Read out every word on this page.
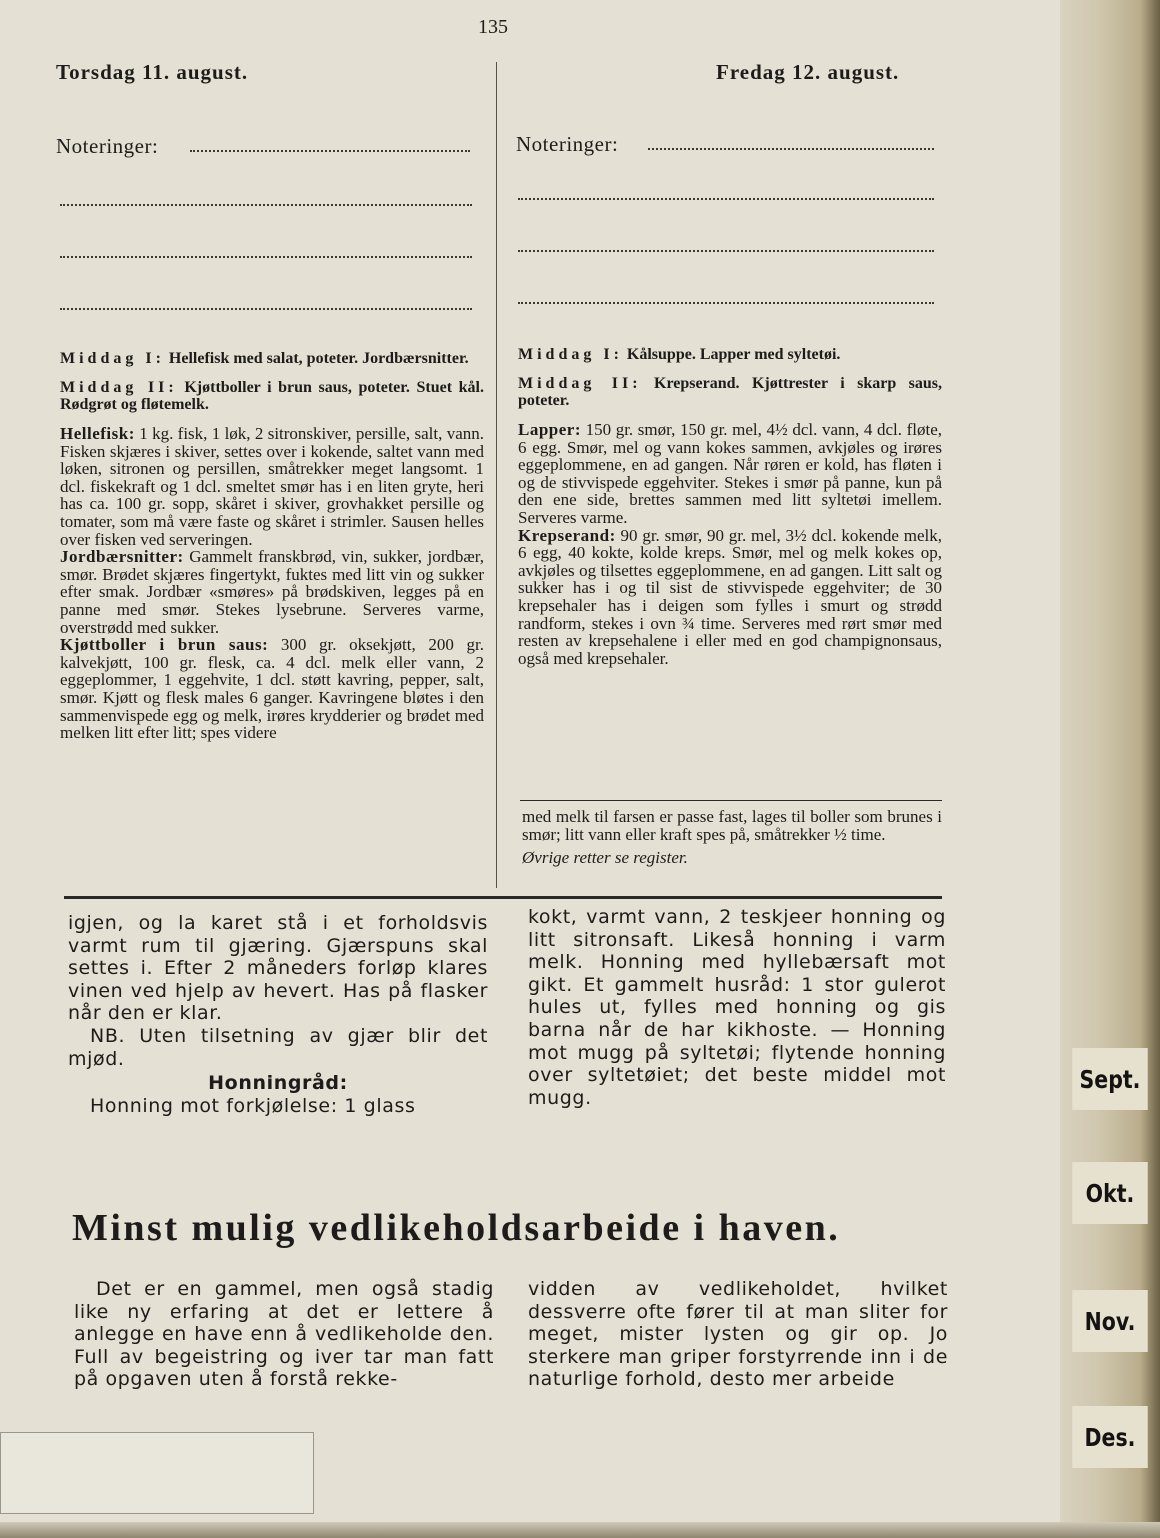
135
Torsdag 11. august.
Noteringer:
Fredag 12. august.
Noteringer:

Middag I: Hellefisk med salat, poteter. Jordbærsnitter.

Middag II: Kjøttboller i brun saus, poteter. Stuet kål. Rødgrøt og fløtemelk.

Hellefisk: 1 kg. fisk, 1 løk, 2 sitronskiver, persille, salt, vann. Fisken skjæres i skiver, settes over i kokende, saltet vann med løken, sitronen og persillen, småtrekker meget langsomt. 1 dcl. fiskekraft og 1 dcl. smeltet smør has i en liten gryte, heri has ca. 100 gr. sopp, skåret i skiver, grovhakket persille og tomater, som må være faste og skåret i strimler. Sausen helles over fisken ved serveringen.

Jordbærsnitter: Gammelt franskbrød, vin, sukker, jordbær, smør. Brødet skjæres fingertykt, fuktes med litt vin og sukker efter smak. Jordbær «smøres» på brødskiven, legges på en panne med smør. Stekes lysebrune. Serveres varme, overstrødd med sukker.

Kjøttboller i brun saus: 300 gr. oksekjøtt, 200 gr. kalvekjøtt, 100 gr. flesk, ca. 4 dcl. melk eller vann, 2 eggeplommer, 1 eggehvite, 1 dcl. støtt kavring, pepper, salt, smør. Kjøtt og flesk males 6 ganger. Kavringene bløtes i den sammenvispede egg og melk, irøres krydderier og brødet med melken litt efter litt; spes videre

Middag I: Kålsuppe. Lapper med syltetøi.

Middag II: Krepserand. Kjøttrester i skarp saus, poteter.

Lapper: 150 gr. smør, 150 gr. mel, 4½ dcl. vann, 4 dcl. fløte, 6 egg. Smør, mel og vann kokes sammen, avkjøles og irøres eggeplommene, en ad gangen. Når røren er kold, has fløten i og de stivvispede eggehviter. Stekes i smør på panne, kun på den ene side, brettes sammen med litt syltetøi imellem. Serveres varme.

Krepserand: 90 gr. smør, 90 gr. mel, 3½ dcl. kokende melk, 6 egg, 40 kokte, kolde kreps. Smør, mel og melk kokes op, avkjøles og tilsettes eggeplommene, en ad gangen. Litt salt og sukker has i og til sist de stivvispede eggehviter; de 30 krepsehaler has i deigen som fylles i smurt og strødd randform, stekes i ovn ¾ time. Serveres med rørt smør med resten av krepsehalene i eller med en god champignonsaus, også med krepsehaler.

med melk til farsen er passe fast, lages til boller som brunes i smør; litt vann eller kraft spes på, småtrekker ½ time.

Øvrige retter se register.

igjen, og la karet stå i et forholdsvis varmt rum til gjæring. Gjærspuns skal settes i. Efter 2 måneders forløp klares vinen ved hjelp av hevert. Has på flasker når den er klar.

NB. Uten tilsetning av gjær blir det mjød.

Honningråd:

Honning mot forkjølelse: 1 glass

kokt, varmt vann, 2 teskjeer honning og litt sitronsaft. Likeså honning i varm melk. Honning med hyllebærsaft mot gikt. Et gammelt husråd: 1 stor gulerot hules ut, fylles med honning og gis barna når de har kikhoste. — Honning mot mugg på syltetøi; flytende honning over syltetøiet; det beste middel mot mugg.

Minst mulig vedlikeholdsarbeide i haven.

Det er en gammel, men også stadig like ny erfaring at det er lettere å anlegge en have enn å vedlikeholde den. Full av begeistring og iver tar man fatt på opgaven uten å forstå rekke-

vidden av vedlikeholdet, hvilket dessverre ofte fører til at man sliter for meget, mister lysten og gir op. Jo sterkere man griper forstyrrende inn i de naturlige forhold, desto mer arbeide

Sept.
Okt.
Nov.
Des.
